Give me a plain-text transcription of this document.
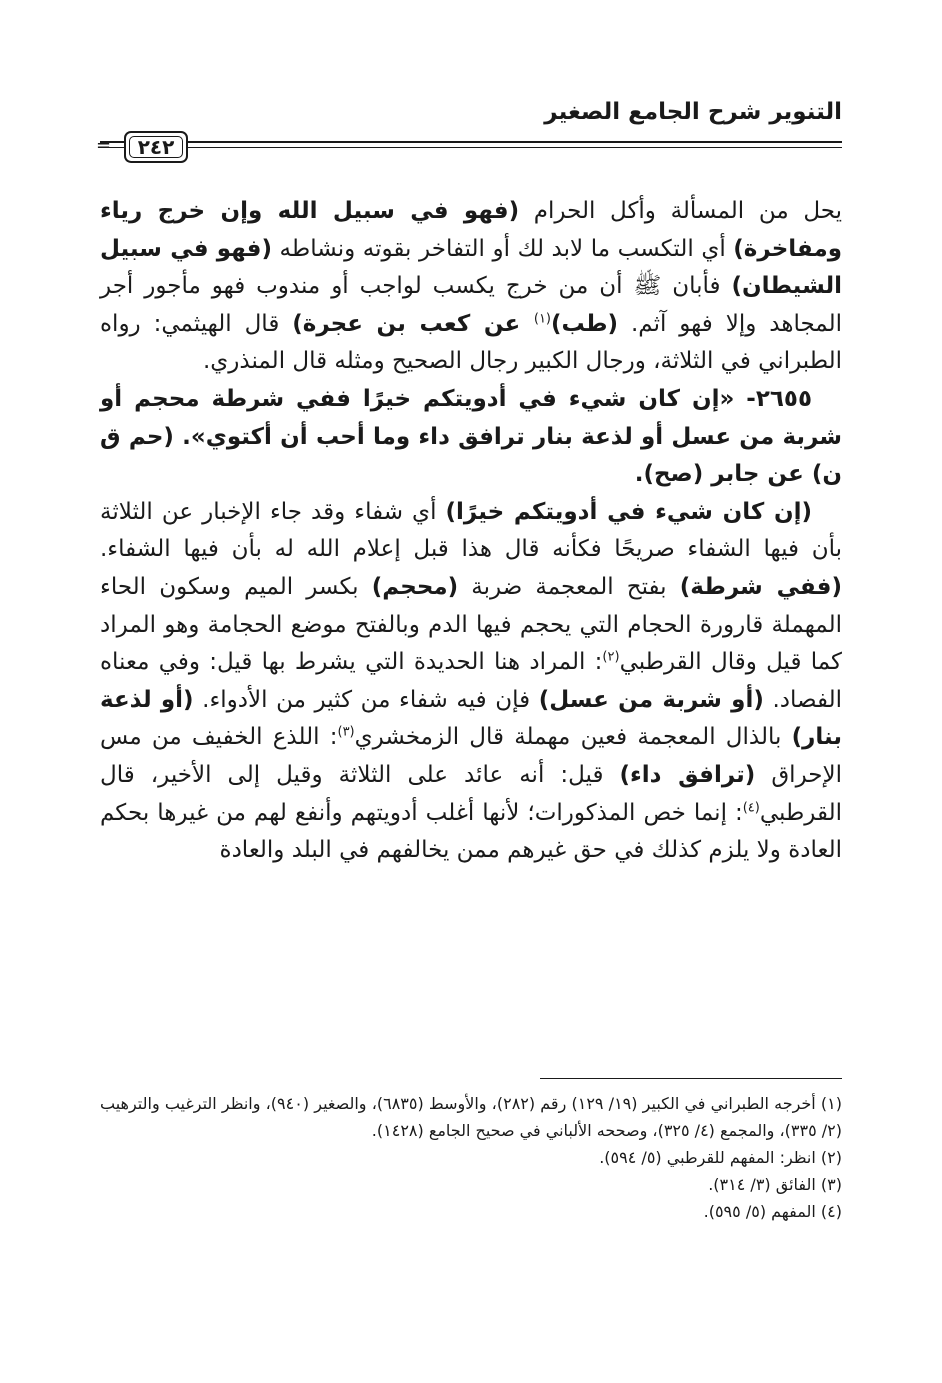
التنوير شرح الجامع الصغير
=	٢٤٢

يحل من المسألة وأكل الحرام (فهو في سبيل الله وإن خرج رياء ومفاخرة) أي التكسب ما لابد لك أو التفاخر بقوته ونشاطه (فهو في سبيل الشيطان) فأبان ﷺ أن من خرج يكسب لواجب أو مندوب فهو مأجور أجر المجاهد وإلا فهو آثم. (طب)$^{(١)}$ عن كعب بن عجرة) قال الهيثمي: رواه الطبراني في الثلاثة، ورجال الكبير رجال الصحيح ومثله قال المنذري.

٢٦٥٥- «إن كان شيء في أدويتكم خيرًا ففي شرطة محجم أو شربة من عسل أو لذعة بنار ترافق داء وما أحب أن أكتوي». (حم ق ن) عن جابر (صح).

(إن كان شيء في أدويتكم خيرًا) أي شفاء وقد جاء الإخبار عن الثلاثة بأن فيها الشفاء صريحًا فكأنه قال هذا قبل إعلام الله له بأن فيها الشفاء. (ففي شرطة) بفتح المعجمة ضربة (محجم) بكسر الميم وسكون الحاء المهملة قارورة الحجام التي يحجم فيها الدم وبالفتح موضع الحجامة وهو المراد كما قيل وقال القرطبي$^{(٢)}$: المراد هنا الحديدة التي يشرط بها قيل: وفي معناه الفصاد. (أو شربة من عسل) فإن فيه شفاء من كثير من الأدواء. (أو لذعة بنار) بالذال المعجمة فعين مهملة قال الزمخشري$^{(٣)}$: اللذع الخفيف من مس الإحراق (ترافق داء) قيل: أنه عائد على الثلاثة وقيل إلى الأخير، قال القرطبي$^{(٤)}$: إنما خص المذكورات؛ لأنها أغلب أدويتهم وأنفع لهم من غيرها بحكم العادة ولا يلزم كذلك في حق غيرهم ممن يخالفهم في البلد والعادة

(١) أخرجه الطبراني في الكبير (١٩/ ١٢٩) رقم (٢٨٢)، والأوسط (٦٨٣٥)، والصغير (٩٤٠)، وانظر الترغيب والترهيب (٢/ ٣٣٥)، والمجمع (٤/ ٣٢٥)، وصححه الألباني في صحيح الجامع (١٤٢٨).

(٢) انظر: المفهم للقرطبي (٥/ ٥٩٤).

(٣) الفائق (٣/ ٣١٤).

(٤) المفهم (٥/ ٥٩٥).
